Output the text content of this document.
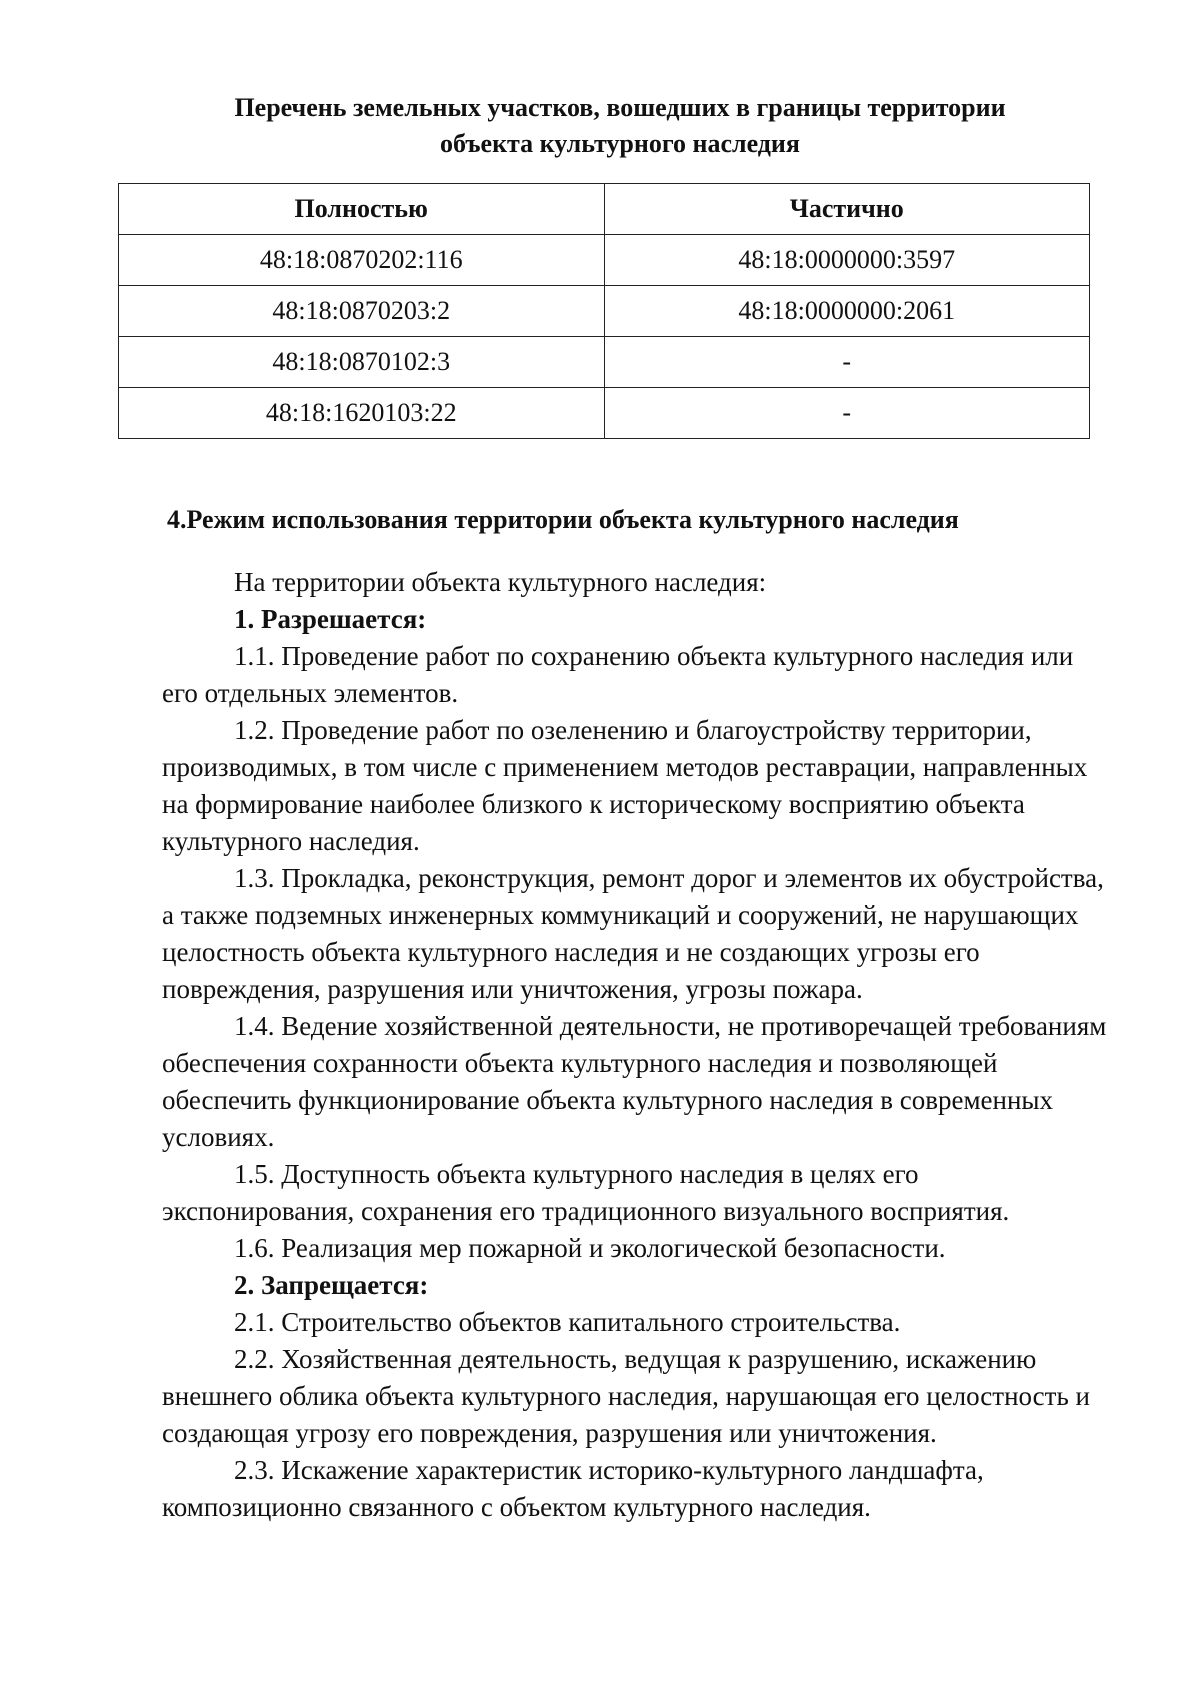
Перечень земельных участков, вошедших в границы территории
объекта культурного наследия
Полностью	Частично
48:18:0870202:116	48:18:0000000:3597
48:18:0870203:2	48:18:0000000:2061
48:18:0870102:3	-
48:18:1620103:22	-
4.Режим использования территории объекта культурного наследия

На территории объекта культурного наследия:

1. Разрешается:

1.1. Проведение работ по сохранению объекта культурного наследия или его отдельных элементов.

1.2. Проведение работ по озеленению и благоустройству территории, производимых, в том числе с применением методов реставрации, направленных на формирование наиболее близкого к историческому восприятию объекта культурного наследия.

1.3. Прокладка, реконструкция, ремонт дорог и элементов их обустройства, а также подземных инженерных коммуникаций и сооружений, не нарушающих целостность объекта культурного наследия и не создающих угрозы его повреждения, разрушения или уничтожения, угрозы пожара.

1.4. Ведение хозяйственной деятельности, не противоречащей требованиям обеспечения сохранности объекта культурного наследия и позволяющей обеспечить функционирование объекта культурного наследия в современных условиях.

1.5. Доступность объекта культурного наследия в целях его экспонирования, сохранения его традиционного визуального восприятия.

1.6. Реализация мер пожарной и экологической безопасности.

2. Запрещается:

2.1. Строительство объектов капитального строительства.

2.2. Хозяйственная деятельность, ведущая к разрушению, искажению внешнего облика объекта культурного наследия, нарушающая его целостность и создающая угрозу его повреждения, разрушения или уничтожения.

2.3. Искажение характеристик историко-культурного ландшафта, композиционно связанного с объектом культурного наследия.
